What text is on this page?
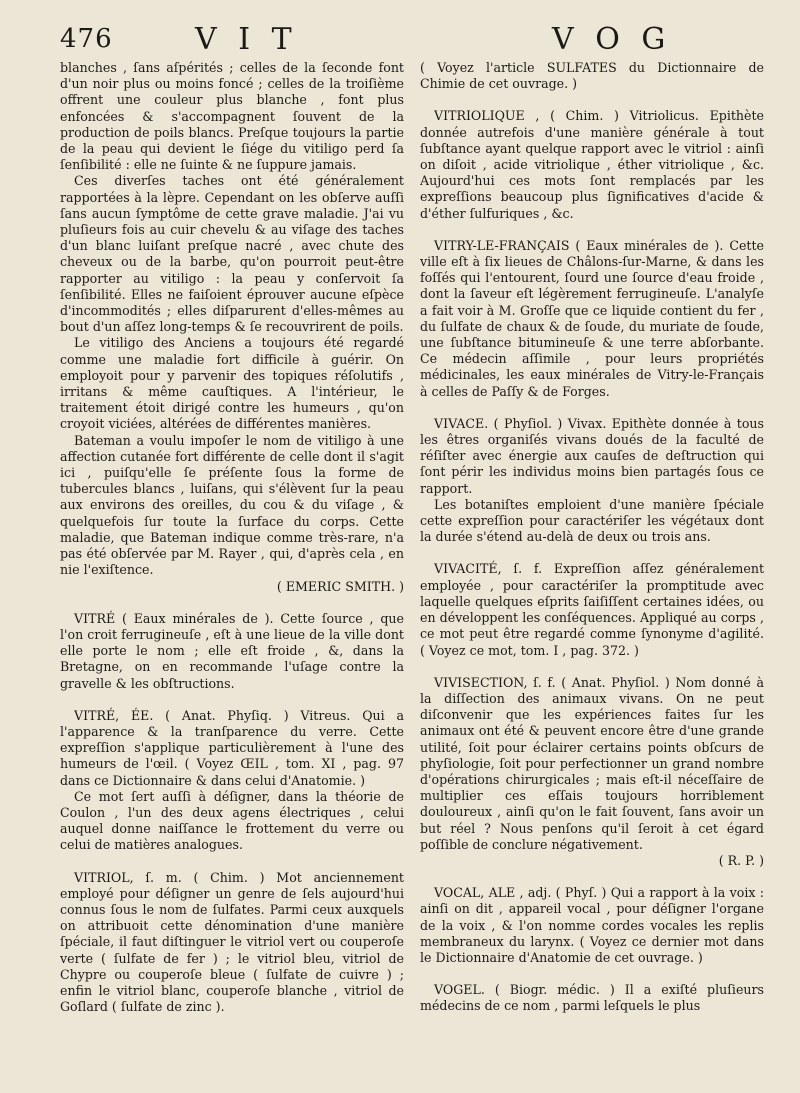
476	V I T	V O G

blanches , ſans aſpérités ; celles de la ſeconde font d'un noir plus ou moins foncé ; celles de la troiſième offrent une couleur plus blanche , font plus enfoncées & s'accompagnent ſouvent de la production de poils blancs. Preſque toujours la partie de la peau qui devient le ſiége du vitiligo perd ſa ſenſibilité : elle ne ſuinte & ne ſuppure jamais.

Ces diverſes taches ont été généralement rapportées à la lèpre. Cependant on les obſerve auſſi ſans aucun ſymptôme de cette grave maladie. J'ai vu pluſieurs fois au cuir chevelu & au viſage des taches d'un blanc luiſant preſque nacré , avec chute des cheveux ou de la barbe, qu'on pourroit peut-être rapporter au vitiligo : la peau y conſervoit ſa ſenſibilité. Elles ne faiſoient éprouver aucune eſpèce d'incommodités ; elles diſparurent d'elles-mêmes au bout d'un aſſez long-temps & ſe recouvrirent de poils.

Le vitiligo des Anciens a toujours été regardé comme une maladie fort difficile à guérir. On employoit pour y parvenir des topiques réſolutifs , irritans & même cauſtiques. A l'intérieur, le traitement étoit dirigé contre les humeurs , qu'on croyoit viciées, altérées de différentes manières.

Bateman a voulu impoſer le nom de vitiligo à une affection cutanée fort différente de celle dont il s'agit ici , puiſqu'elle ſe préſente ſous la forme de tubercules blancs , luiſans, qui s'élèvent ſur la peau aux environs des oreilles, du cou & du viſage , & quelquefois ſur toute la ſurface du corps. Cette maladie, que Bateman indique comme très-rare, n'a pas été obſervée par M. Rayer , qui, d'après cela , en nie l'exiſtence.

( EMERIC SMITH. )

VITRÉ ( Eaux minérales de ). Cette ſource , que l'on croit ferrugineuſe , eſt à une lieue de la ville dont elle porte le nom ; elle eſt froide , &, dans la Bretagne, on en recommande l'uſage contre la gravelle & les obſtructions.

VITRÉ, ÉE. ( Anat. Phyſiq. ) Vitreus. Qui a l'apparence & la tranſparence du verre. Cette expreſſion s'applique particulièrement à l'une des humeurs de l'œil. ( Voyez ŒIL , tom. XI , pag. 97 dans ce Dictionnaire & dans celui d'Anatomie. )

Ce mot ſert auſſi à déſigner, dans la théorie de Coulon , l'un des deux agens électriques , celui auquel donne naiſſance le frottement du verre ou celui de matières analogues.

VITRIOL, ſ. m. ( Chim. ) Mot anciennement employé pour déſigner un genre de ſels aujourd'hui connus ſous le nom de ſulfates. Parmi ceux auxquels on attribuoit cette dénomination d'une manière ſpéciale, il faut diſtinguer le vitriol vert ou couperoſe verte ( ſulfate de fer ) ; le vitriol bleu, vitriol de Chypre ou couperoſe bleue ( ſulfate de cuivre ) ; enfin le vitriol blanc, couperoſe blanche , vitriol de Goſlard ( ſulfate de zinc ).

( Voyez l'article SULFATES du Dictionnaire de Chimie de cet ouvrage. )

VITRIOLIQUE , ( Chim. ) Vitriolicus. Epithète donnée autrefois d'une manière générale à tout ſubſtance ayant quelque rapport avec le vitriol : ainſi on diſoit , acide vitriolique , éther vitriolique , &c. Aujourd'hui ces mots ſont remplacés par les expreſſions beaucoup plus ſignificatives d'acide & d'éther ſulfuriques , &c.

VITRY-LE-FRANÇAIS ( Eaux minérales de ). Cette ville eſt à ſix lieues de Châlons-ſur-Marne, & dans les foſſés qui l'entourent, ſourd une ſource d'eau froide , dont la ſaveur eſt légèrement ferrugineuſe. L'analyſe a fait voir à M. Groſſe que ce liquide contient du fer , du ſulfate de chaux & de ſoude, du muriate de ſoude, une ſubſtance bitumineuſe & une terre abſorbante. Ce médecin aſſimile , pour leurs propriétés médicinales, les eaux minérales de Vitry-le-Français à celles de Paſſy & de Forges.

VIVACE. ( Phyſiol. ) Vivax. Epithète donnée à tous les êtres organiſés vivans doués de la faculté de réſiſter avec énergie aux cauſes de deſtruction qui ſont périr les individus moins bien partagés ſous ce rapport.

Les botaniſtes emploient d'une manière ſpéciale cette expreſſion pour caractériſer les végétaux dont la durée s'étend au-delà de deux ou trois ans.

VIVACITÉ, ſ. f. Expreſſion aſſez généralement employée , pour caractériſer la promptitude avec laquelle quelques eſprits ſaiſiſſent certaines idées, ou en développent les conſéquences. Appliqué au corps , ce mot peut être regardé comme ſynonyme d'agilité. ( Voyez ce mot, tom. I , pag. 372. )

VIVISECTION, ſ. f. ( Anat. Phyſiol. ) Nom donné à la diſſection des animaux vivans. On ne peut diſconvenir que les expériences faites ſur les animaux ont été & peuvent encore être d'une grande utilité, ſoit pour éclairer certains points obſcurs de phyſiologie, ſoit pour perfectionner un grand nombre d'opérations chirurgicales ; mais eſt-il néceſſaire de multiplier ces eſſais toujours horriblement douloureux , ainſi qu'on le fait ſouvent, ſans avoir un but réel ? Nous penſons qu'il ſeroit à cet égard poſſible de conclure négativement.

( R. P. )

VOCAL, ALE , adj. ( Phyſ. ) Qui a rapport à la voix : ainſi on dit , appareil vocal , pour déſigner l'organe de la voix , & l'on nomme cordes vocales les replis membraneux du larynx. ( Voyez ce dernier mot dans le Dictionnaire d'Anatomie de cet ouvrage. )

VOGEL. ( Biogr. médic. ) Il a exiſté pluſieurs médecins de ce nom , parmi leſquels le plus
